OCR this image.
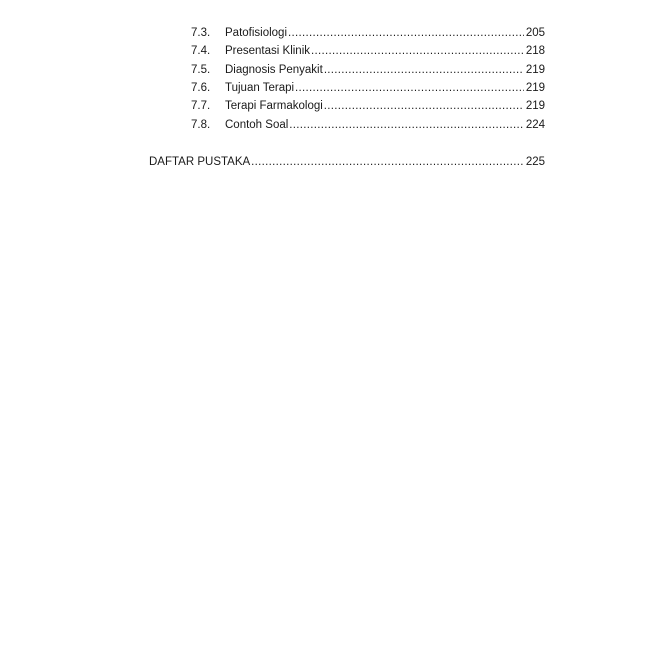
7.3.	Patofisiologi .....	205
7.4.	Presentasi Klinik .....	218
7.5.	Diagnosis Penyakit .....	219
7.6.	Tujuan Terapi .....	219
7.7.	Terapi Farmakologi .....	219
7.8.	Contoh Soal .....	224
DAFTAR PUSTAKA .....	225
